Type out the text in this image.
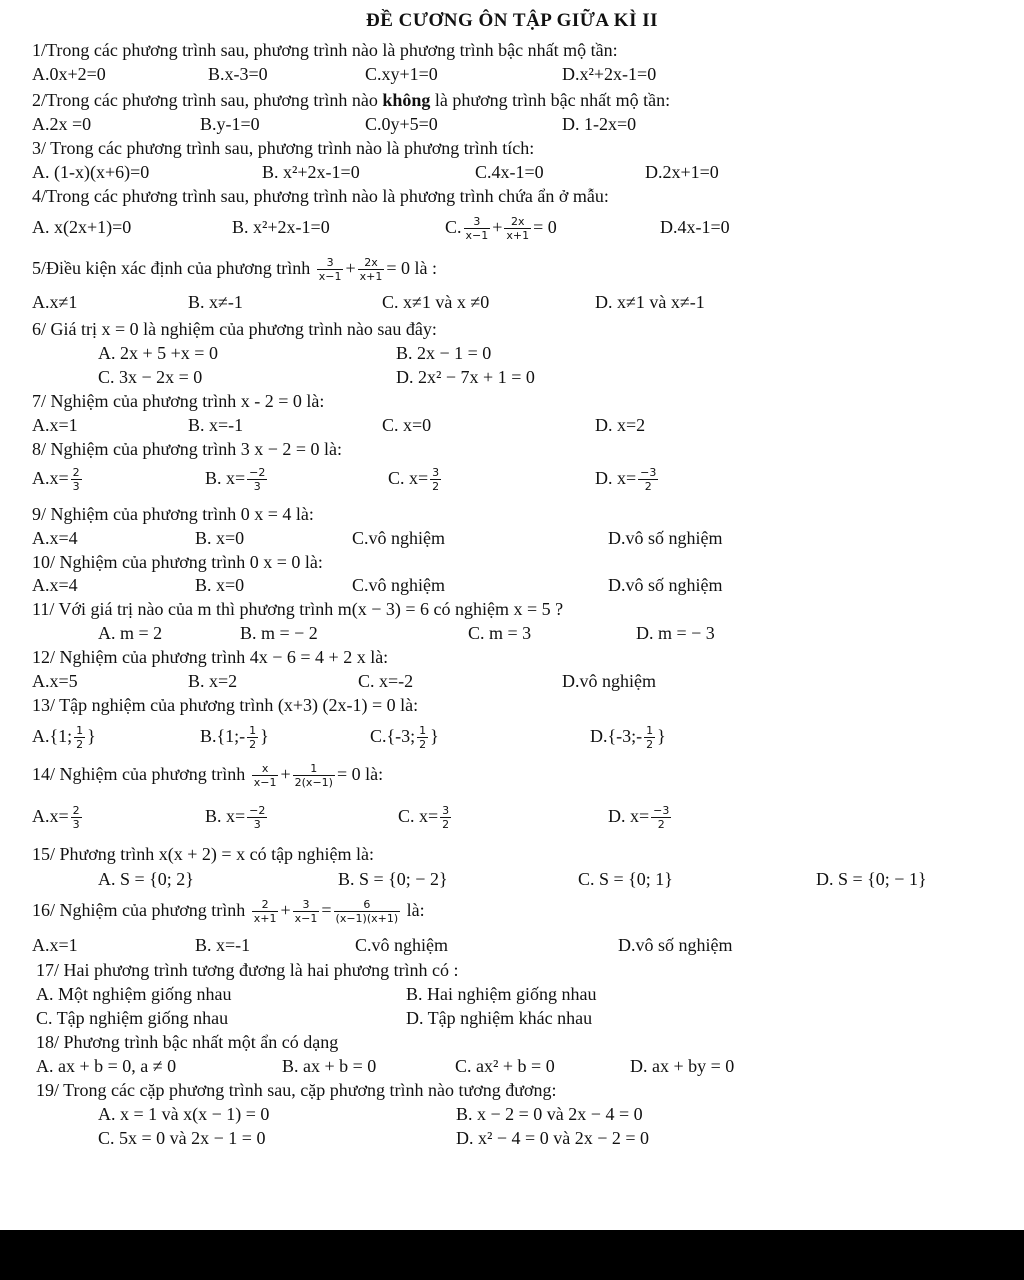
ĐỀ CƯƠNG ÔN TẬP GIỮA KÌ II
1/Trong các phương trình sau, phương trình nào là phương trình bậc nhất mộ tần:
A.0x+2=0	B.x-3=0	C.xy+1=0	D.x²+2x-1=0
2/Trong các phương trình sau, phương trình nào không là phương trình bậc nhất mộ tần:
A.2x =0	B.y-1=0	C.0y+5=0	D. 1-2x=0
3/ Trong các phương trình sau, phương trình nào là phương trình tích:
A. (1-x)(x+6)=0	B. x²+2x-1=0	C.4x-1=0	D.2x+1=0
4/Trong các phương trình sau, phương trình nào là phương trình chứa ẩn ở mẫu:
A. x(2x+1)=0	B. x²+2x-1=0	C. $\frac{3}{x-1} + \frac{2x}{x+1} = 0$	D.4x-1=0
5/Điều kiện xác định của phương trình $\frac{3}{x-1} + \frac{2x}{x+1} = 0$ là :
A.x≠1	B. x≠-1	C. x≠1 và x ≠0	D. x≠1 và x≠-1
6/ Giá trị x = 0 là nghiệm của phương trình nào sau đây:
A. 2x + 5 +x = 0	B. 2x − 1 = 0
C. 3x − 2x = 0	D. 2x² − 7x + 1 = 0
7/ Nghiệm của phương trình x - 2 = 0 là:
A.x=1	B. x=-1	C. x=0	D. x=2
8/ Nghiệm của phương trình 3 x − 2 = 0 là:
$A.x= \frac{2}{3}$	B. $x= \frac{-2}{3}$	C. $x= \frac{3}{2}$	D. $x= \frac{-3}{2}$
9/ Nghiệm của phương trình 0 x = 4 là:
A.x=4	B. x=0	C.vô nghiệm	D.vô số nghiệm
10/ Nghiệm của phương trình 0 x = 0 là:
A.x=4	B. x=0	C.vô nghiệm	D.vô số nghiệm
11/ Với giá trị nào của m thì phương trình m(x − 3) = 6 có nghiệm x = 5 ?
A. m = 2	B. m = − 2	C. m = 3	D. m = − 3
12/ Nghiệm của phương trình 4x − 6 = 4 + 2 x là:
A.x=5	B. x=2	C. x=-2	D.vô nghiệm
13/ Tập nghiệm của phương trình (x+3) (2x-1) = 0 là:
A.{1; $\frac{1}{2}$ }	B.{1;- $\frac{1}{2}$ }	C.{-3; $\frac{1}{2}$ }	D.{-3;- $\frac{1}{2}$ }
14/ Nghiệm của phương trình $\frac{x}{x-1} + \frac{1}{2(x-1)} = 0$ là:
$A.x= \frac{2}{3}$	B. $x= \frac{-2}{3}$	C. $x= \frac{3}{2}$	D. $x= \frac{-3}{2}$
15/ Phương trình x(x + 2) = x có tập nghiệm là:
A. S = {0; 2}	B. S = {0; − 2}	C. S = {0; 1}	D. S = {0; − 1}
16/ Nghiệm của phương trình $\frac{2}{x+1} + \frac{3}{x-1} = \frac{6}{(x-1)(x+1)}$ là:
A.x=1	B. x=-1	C.vô nghiệm	D.vô số nghiệm
17/ Hai phương trình tương đương là hai phương trình có :
A. Một nghiệm giống nhau	B. Hai nghiệm giống nhau
C. Tập nghiệm giống nhau	D. Tập nghiệm khác nhau
18/ Phương trình bậc nhất một ẩn có dạng
A. ax + b = 0, a ≠ 0	B. ax + b = 0	C. ax² + b = 0	D. ax + by = 0
19/ Trong các cặp phương trình sau, cặp phương trình nào tương đương:
A. x = 1 và x(x − 1) = 0	B. x − 2 = 0 và 2x − 4 = 0
C. 5x = 0 và 2x − 1 = 0	D. x² − 4 = 0 và 2x − 2 = 0
